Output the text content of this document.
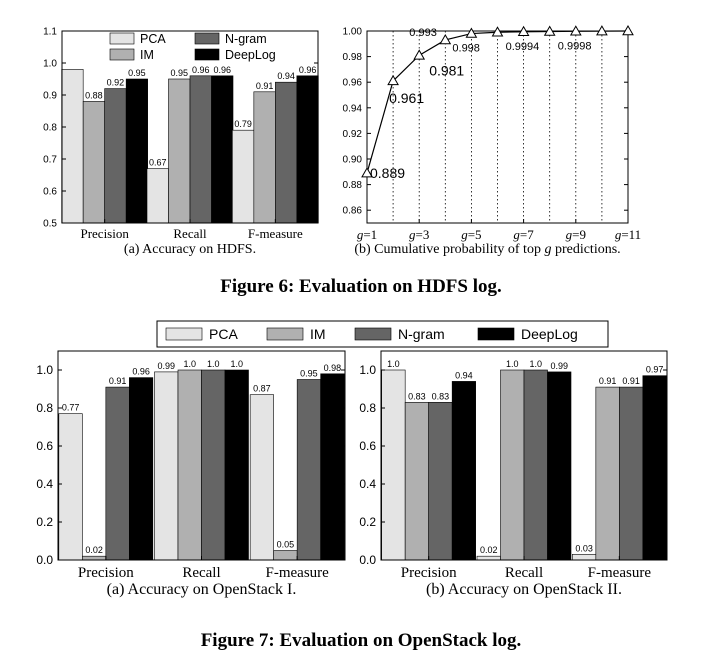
0.88
0.92
0.95
Precision
0.67
0.95 0.96 0.96
Recall
0.79
0.91
0.94
0.96
F-measure
0.5
0.6
0.7
0.8
0.9
1.0
1.1
(a) Accuracy on HDFS.
PCA	N-gram
IM	DeepLog
0.86
0.88
0.90
0.92
0.94
0.96
0.98
1.00
g=1 g=3 g=5 g=7 g=9 g=11
0.889
0.961
0.981
0.993
0.998 0.9994 0.9998
(b) Cumulative probability of top g predictions.
Figure 6: Evaluation on HDFS log.
PCA	IM	N-gram	DeepLog
0.77
0.02
0.91
0.96
Precision
0.99 1.0 1.0 1.0
Recall
0.87
0.05
0.95
0.98
F-measure
0.0
0.2
0.4
0.6
0.8
1.0
(a) Accuracy on OpenStack I.
1.0
0.83 0.83
0.94
Precision
0.02
1.0 1.0 0.99
Recall
0.03
0.91 0.91
0.97
F-measure
0.0
0.2
0.4
0.6
0.8
1.0
(b) Accuracy on OpenStack II.
Figure 7: Evaluation on OpenStack log.
